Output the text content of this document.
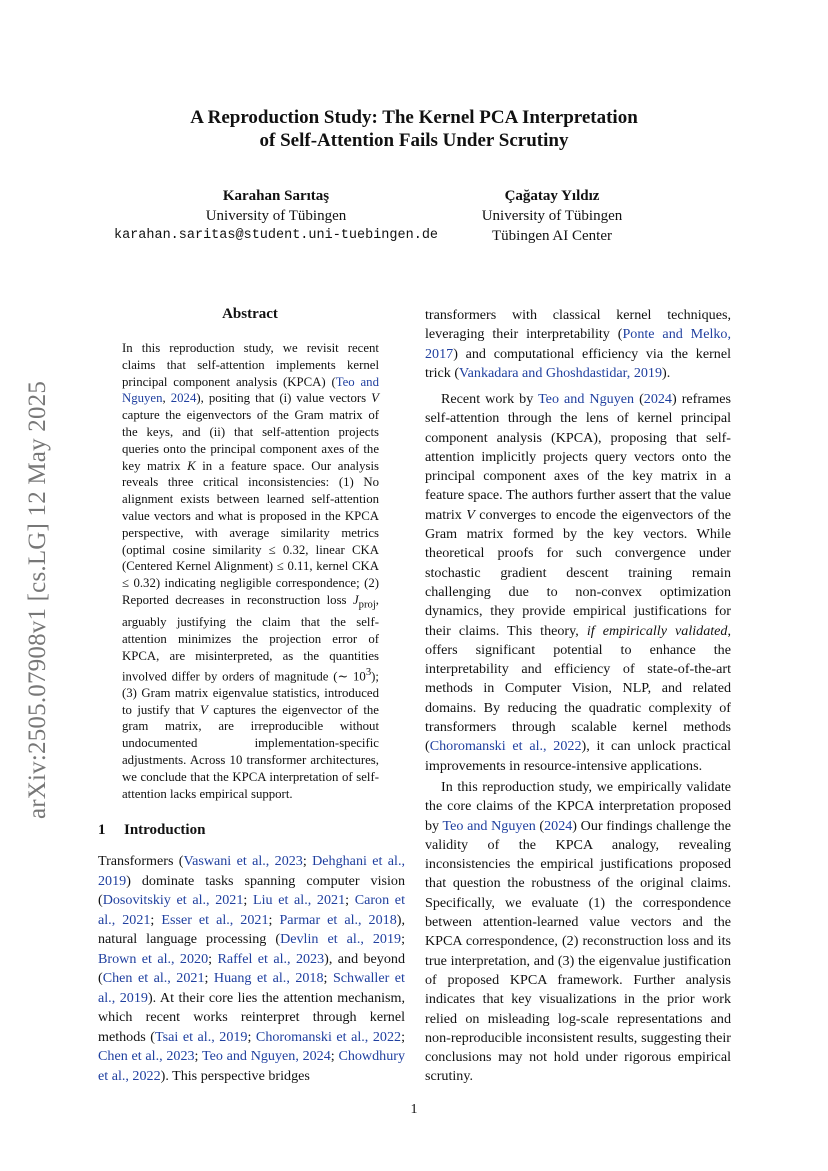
arXiv:2505.07908v1 [cs.LG] 12 May 2025
A Reproduction Study: The Kernel PCA Interpretation
of Self-Attention Fails Under Scrutiny
Karahan Sarıtaş
University of Tübingen
karahan.saritas@student.uni-tuebingen.de
Çağatay Yıldız
University of Tübingen
Tübingen AI Center
Abstract
In this reproduction study, we revisit recent claims that self-attention implements kernel principal component analysis (KPCA) (Teo and Nguyen, 2024), positing that (i) value vectors V capture the eigenvectors of the Gram matrix of the keys, and (ii) that self-attention projects queries onto the principal component axes of the key matrix K in a feature space. Our analysis reveals three critical inconsistencies: (1) No alignment exists between learned self-attention value vectors and what is proposed in the KPCA perspective, with average similarity metrics (optimal cosine similarity ≤ 0.32, linear CKA (Centered Kernel Alignment) ≤ 0.11, kernel CKA ≤ 0.32) indicating negligible correspondence; (2) Reported decreases in reconstruction loss $J_{proj}$, arguably justifying the claim that the self-attention minimizes the projection error of KPCA, are misinterpreted, as the quantities involved differ by orders of magnitude (∼ $10^3$); (3) Gram matrix eigenvalue statistics, introduced to justify that V captures the eigenvector of the gram matrix, are irreproducible without undocumented implementation-specific adjustments. Across 10 transformer architectures, we conclude that the KPCA interpretation of self-attention lacks empirical support.
1 Introduction
Transformers (Vaswani et al., 2023; Dehghani et al., 2019) dominate tasks spanning computer vision (Dosovitskiy et al., 2021; Liu et al., 2021; Caron et al., 2021; Esser et al., 2021; Parmar et al., 2018), natural language processing (Devlin et al., 2019; Brown et al., 2020; Raffel et al., 2023), and beyond (Chen et al., 2021; Huang et al., 2018; Schwaller et al., 2019). At their core lies the attention mechanism, which recent works reinterpret through kernel methods (Tsai et al., 2019; Choromanski et al., 2022; Chen et al., 2023; Teo and Nguyen, 2024; Chowdhury et al., 2022). This perspective bridges
transformers with classical kernel techniques, leveraging their interpretability (Ponte and Melko, 2017) and computational efficiency via the kernel trick (Vankadara and Ghoshdastidar, 2019).
Recent work by Teo and Nguyen (2024) reframes self-attention through the lens of kernel principal component analysis (KPCA), proposing that self-attention implicitly projects query vectors onto the principal component axes of the key matrix in a feature space. The authors further assert that the value matrix V converges to encode the eigenvectors of the Gram matrix formed by the key vectors. While theoretical proofs for such convergence under stochastic gradient descent training remain challenging due to non-convex optimization dynamics, they provide empirical justifications for their claims. This theory, if empirically validated, offers significant potential to enhance the interpretability and efficiency of state-of-the-art methods in Computer Vision, NLP, and related domains. By reducing the quadratic complexity of transformers through scalable kernel methods (Choromanski et al., 2022), it can unlock practical improvements in resource-intensive applications.
In this reproduction study, we empirically validate the core claims of the KPCA interpretation proposed by Teo and Nguyen (2024) Our findings challenge the validity of the KPCA analogy, revealing inconsistencies the empirical justifications proposed that question the robustness of the original claims. Specifically, we evaluate (1) the correspondence between attention-learned value vectors and the KPCA correspondence, (2) reconstruction loss and its true interpretation, and (3) the eigenvalue justification of proposed KPCA framework. Further analysis indicates that key visualizations in the prior work relied on misleading log-scale representations and non-reproducible inconsistent results, suggesting their conclusions may not hold under rigorous empirical scrutiny.
1
